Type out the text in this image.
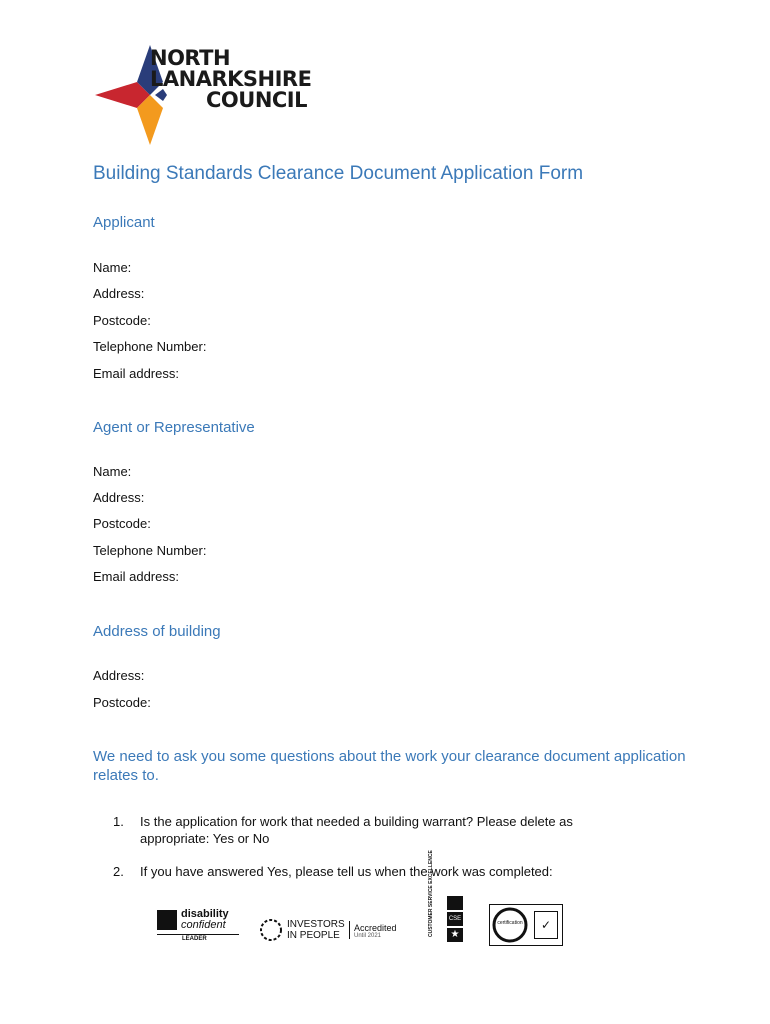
NORTH
LANARKSHIRE
COUNCIL
Building Standards Clearance Document Application Form
Applicant
Name:
Address:
Postcode:
Telephone Number:
Email address:
Agent or Representative
Name:
Address:
Postcode:
Telephone Number:
Email address:
Address of building
Address:
Postcode:
We need to ask you some questions about the work your clearance document application relates to.
1. Is the application for work that needed a building warrant? Please delete as appropriate: Yes or No
2. If you have answered Yes, please tell us when the work was completed:
disability
confident
LEADER
INVESTORS
IN PEOPLE
Accredited
Until 2021	CUSTOMER SERVICE EXCELLENCE	CSE
★
certification	✓
